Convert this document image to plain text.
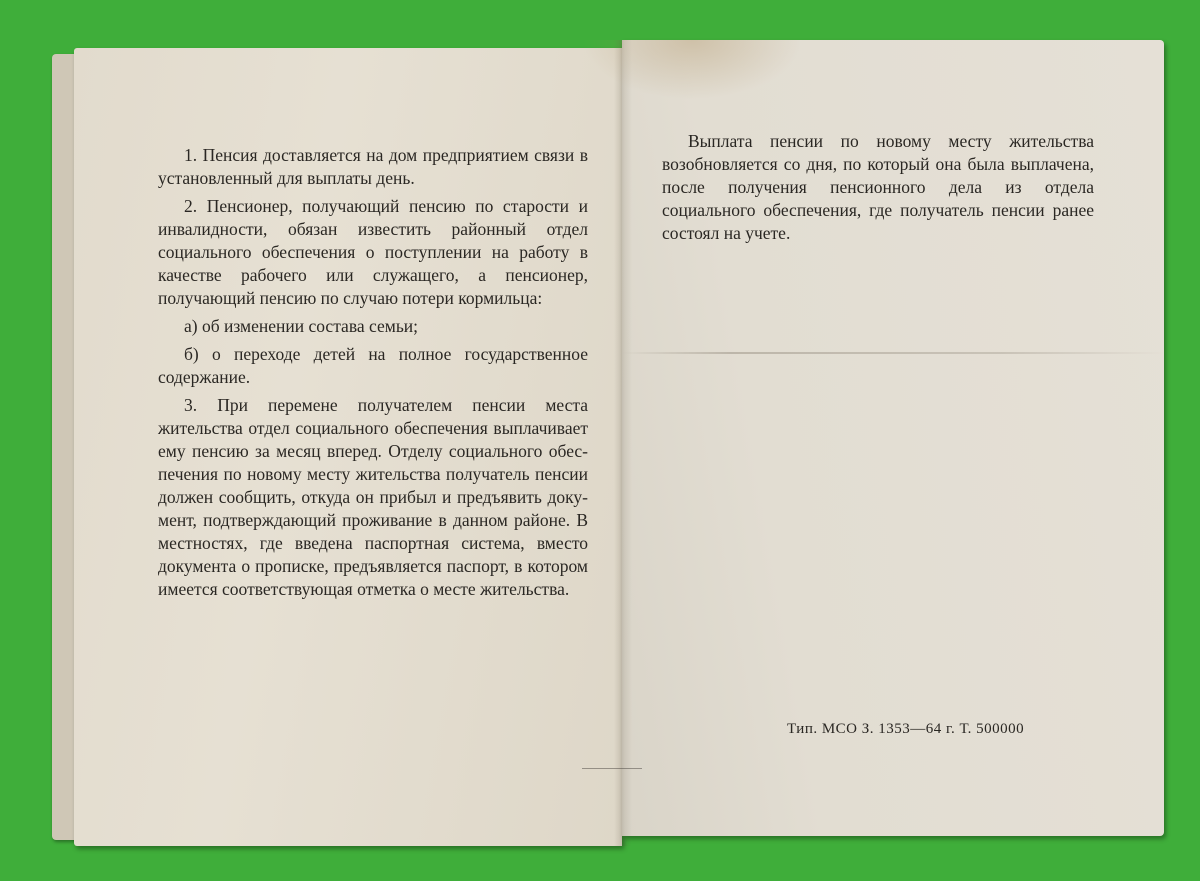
1. Пенсия доставляется на дом предприятием связи в установленный для выплаты день.

2. Пенсионер, получающий пенсию по старости и инвалидности, обязан известить районный отдел социального обеспечения о поступлении на работу в качестве рабочего или служащего, а пенсионер, получающий пенсию по случаю потери кормильца:

а) об изменении состава семьи;

б) о переходе детей на полное государственное содержание.

3. При перемене получателем пенсии места жительства отдел социального обеспечения выплачивает ему пенсию за месяц вперед. Отделу социального обеспечения по новому месту жительства получатель пенсии должен сообщить, откуда он прибыл и предъявить документ, подтверждающий проживание в данном районе. В местностях, где введена паспортная система, вместо документа о прописке, предъявляется паспорт, в котором имеется соответствующая отметка о месте жительства.

Выплата пенсии по новому месту жительства возобновляется со дня, по который она была выплачена, после получения пенсионного дела из отдела социального обеспечения, где получатель пенсии ранее состоял на учете.

Тип. МСО З. 1353—64 г. Т. 500000
